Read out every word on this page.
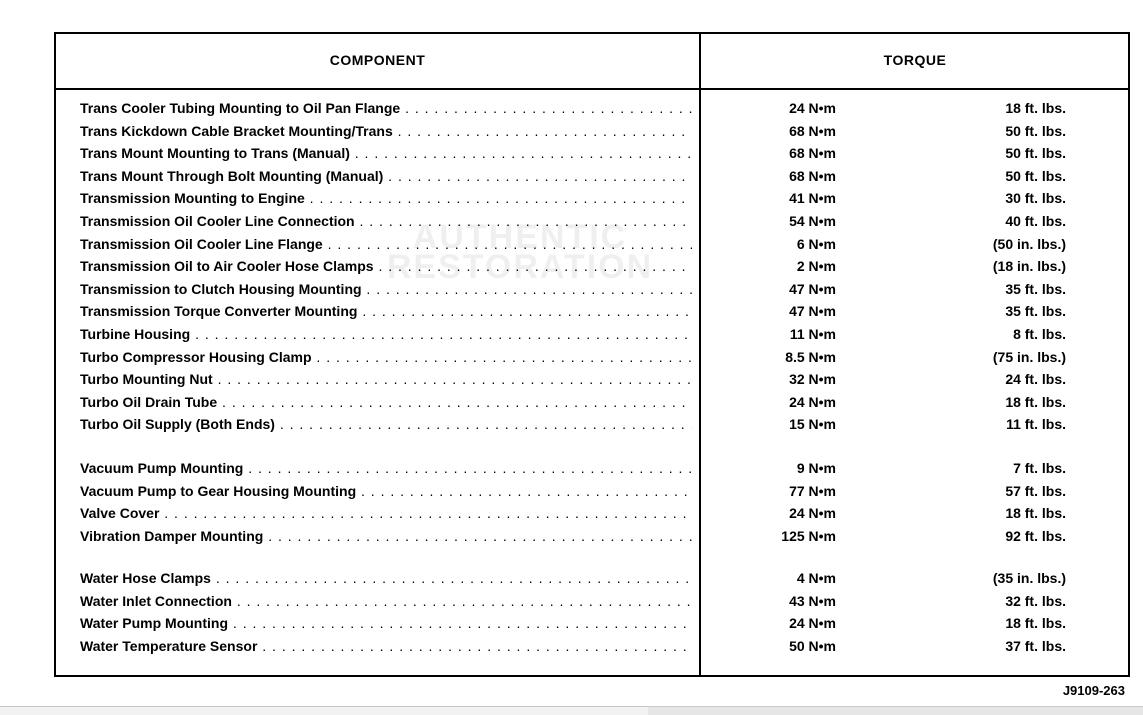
COMPONENT	TORQUE
Trans Cooler Tubing Mounting to Oil Pan Flange . . .	24 N•m	18 ft. lbs.
Trans Kickdown Cable Bracket Mounting/Trans . . .	68 N•m	50 ft. lbs.
Trans Mount Mounting to Trans (Manual) . . .	68 N•m	50 ft. lbs.
Trans Mount Through Bolt Mounting (Manual) . . .	68 N•m	50 ft. lbs.
Transmission Mounting to Engine . . .	41 N•m	30 ft. lbs.
Transmission Oil Cooler Line Connection . . .	54 N•m	40 ft. lbs.
Transmission Oil Cooler Line Flange . . .	6 N•m	(50 in. lbs.)
Transmission Oil to Air Cooler Hose Clamps . . .	2 N•m	(18 in. lbs.)
Transmission to Clutch Housing Mounting . . .	47 N•m	35 ft. lbs.
Transmission Torque Converter Mounting . . .	47 N•m	35 ft. lbs.
Turbine Housing . . .	11 N•m	8 ft. lbs.
Turbo Compressor Housing Clamp . . .	8.5 N•m	(75 in. lbs.)
Turbo Mounting Nut . . .	32 N•m	24 ft. lbs.
Turbo Oil Drain Tube . . .	24 N•m	18 ft. lbs.
Turbo Oil Supply (Both Ends) . . .	15 N•m	11 ft. lbs.
Vacuum Pump Mounting . . .	9 N•m	7 ft. lbs.
Vacuum Pump to Gear Housing Mounting . . .	77 N•m	57 ft. lbs.
Valve Cover . . .	24 N•m	18 ft. lbs.
Vibration Damper Mounting . . .	125 N•m	92 ft. lbs.
Water Hose Clamps . . .	4 N•m	(35 in. lbs.)
Water Inlet Connection . . .	43 N•m	32 ft. lbs.
Water Pump Mounting . . .	24 N•m	18 ft. lbs.
Water Temperature Sensor . . .	50 N•m	37 ft. lbs.
AUTHENTIC
RESTORATION
J9109-263
